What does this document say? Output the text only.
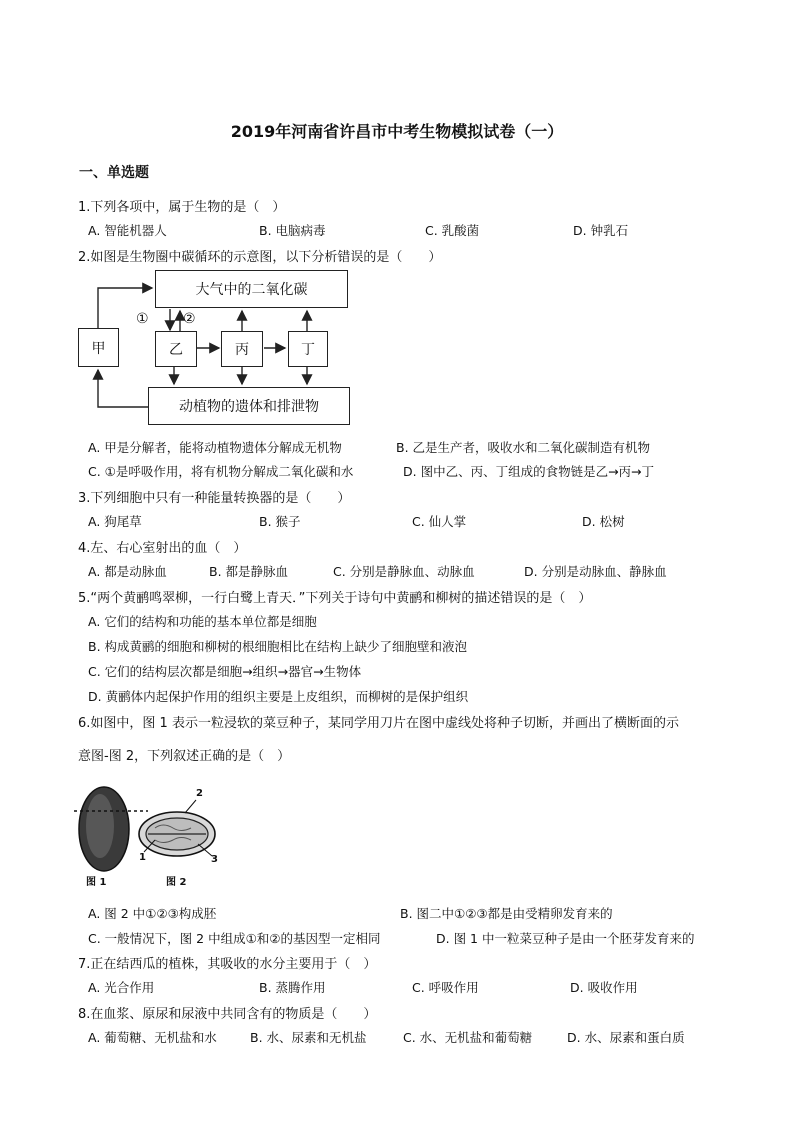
2019年河南省许昌市中考生物模拟试卷（一）
一、单选题
1.下列各项中，属于生物的是（　）
A. 智能机器人	B. 电脑病毒	C. 乳酸菌	D. 钟乳石
2.如图是生物圈中碳循环的示意图，以下分析错误的是（　　）
大气中的二氧化碳
甲	乙	丙	丁
动植物的遗体和排泄物
① ②
A. 甲是分解者，能将动植物遗体分解成无机物	B. 乙是生产者，吸收水和二氧化碳制造有机物
C. ①是呼吸作用，将有机物分解成二氧化碳和水	D. 图中乙、丙、丁组成的食物链是乙→丙→丁
3.下列细胞中只有一种能量转换器的是（　　）
A. 狗尾草	B. 猴子	C. 仙人掌	D. 松树
4.左、右心室射出的血（　）
A. 都是动脉血	B. 都是静脉血	C. 分别是静脉血、动脉血	D. 分别是动脉血、静脉血
5.“两个黄鹂鸣翠柳，一行白鹭上青天．”下列关于诗句中黄鹂和柳树的描述错误的是（　）
A. 它们的结构和功能的基本单位都是细胞
B. 构成黄鹂的细胞和柳树的根细胞相比在结构上缺少了细胞壁和液泡
C. 它们的结构层次都是细胞→组织→器官→生物体
D. 黄鹂体内起保护作用的组织主要是上皮组织，而柳树的是保护组织
6.如图中，图 1 表示一粒浸软的菜豆种子，某同学用刀片在图中虚线处将种子切断，并画出了横断面的示
意图-图 2，下列叙述正确的是（　）
2
1	3
图 1	图 2
A. 图 2 中①②③构成胚	B. 图二中①②③都是由受精卵发育来的
C. 一般情况下，图 2 中组成①和②的基因型一定相同	D. 图 1 中一粒菜豆种子是由一个胚芽发育来的
7.正在结西瓜的植株，其吸收的水分主要用于（　）
A. 光合作用	B. 蒸腾作用	C. 呼吸作用	D. 吸收作用
8.在血浆、原尿和尿液中共同含有的物质是（　　）
A. 葡萄糖、无机盐和水	B. 水、尿素和无机盐	C. 水、无机盐和葡萄糖	D. 水、尿素和蛋白质
